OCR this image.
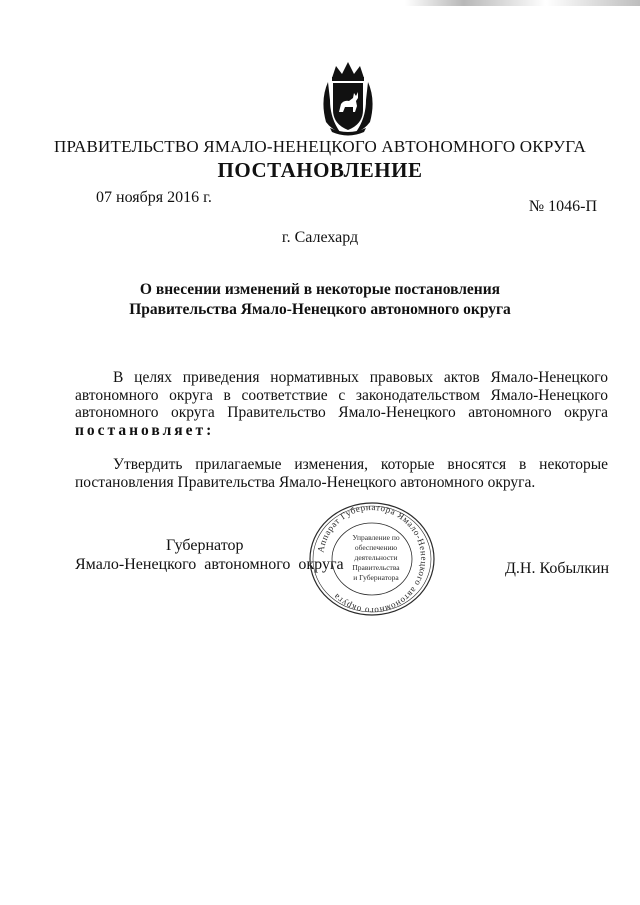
ПРАВИТЕЛЬСТВО ЯМАЛО-НЕНЕЦКОГО АВТОНОМНОГО ОКРУГА
ПОСТАНОВЛЕНИЕ
07 ноября 2016 г.
№ 1046-П
г. Салехард
О внесении изменений в некоторые постановления
Правительства Ямало-Ненецкого автономного округа
В целях приведения нормативных правовых актов Ямало-Ненецкого автономного округа в соответствие с законодательством Ямало-Ненецкого автономного округа Правительство Ямало-Ненецкого автономного округа постановляет:
Утвердить прилагаемые изменения, которые вносятся в некоторые постановления Правительства Ямало-Ненецкого автономного округа.
Губернатор
Ямало-Ненецкого автономного округа	Д.Н. Кобылкин
Аппарат Губернатора Ямало-Ненецкого автономного округа
Управление по
обеспечению
деятельности
Правительства
и Губернатора
